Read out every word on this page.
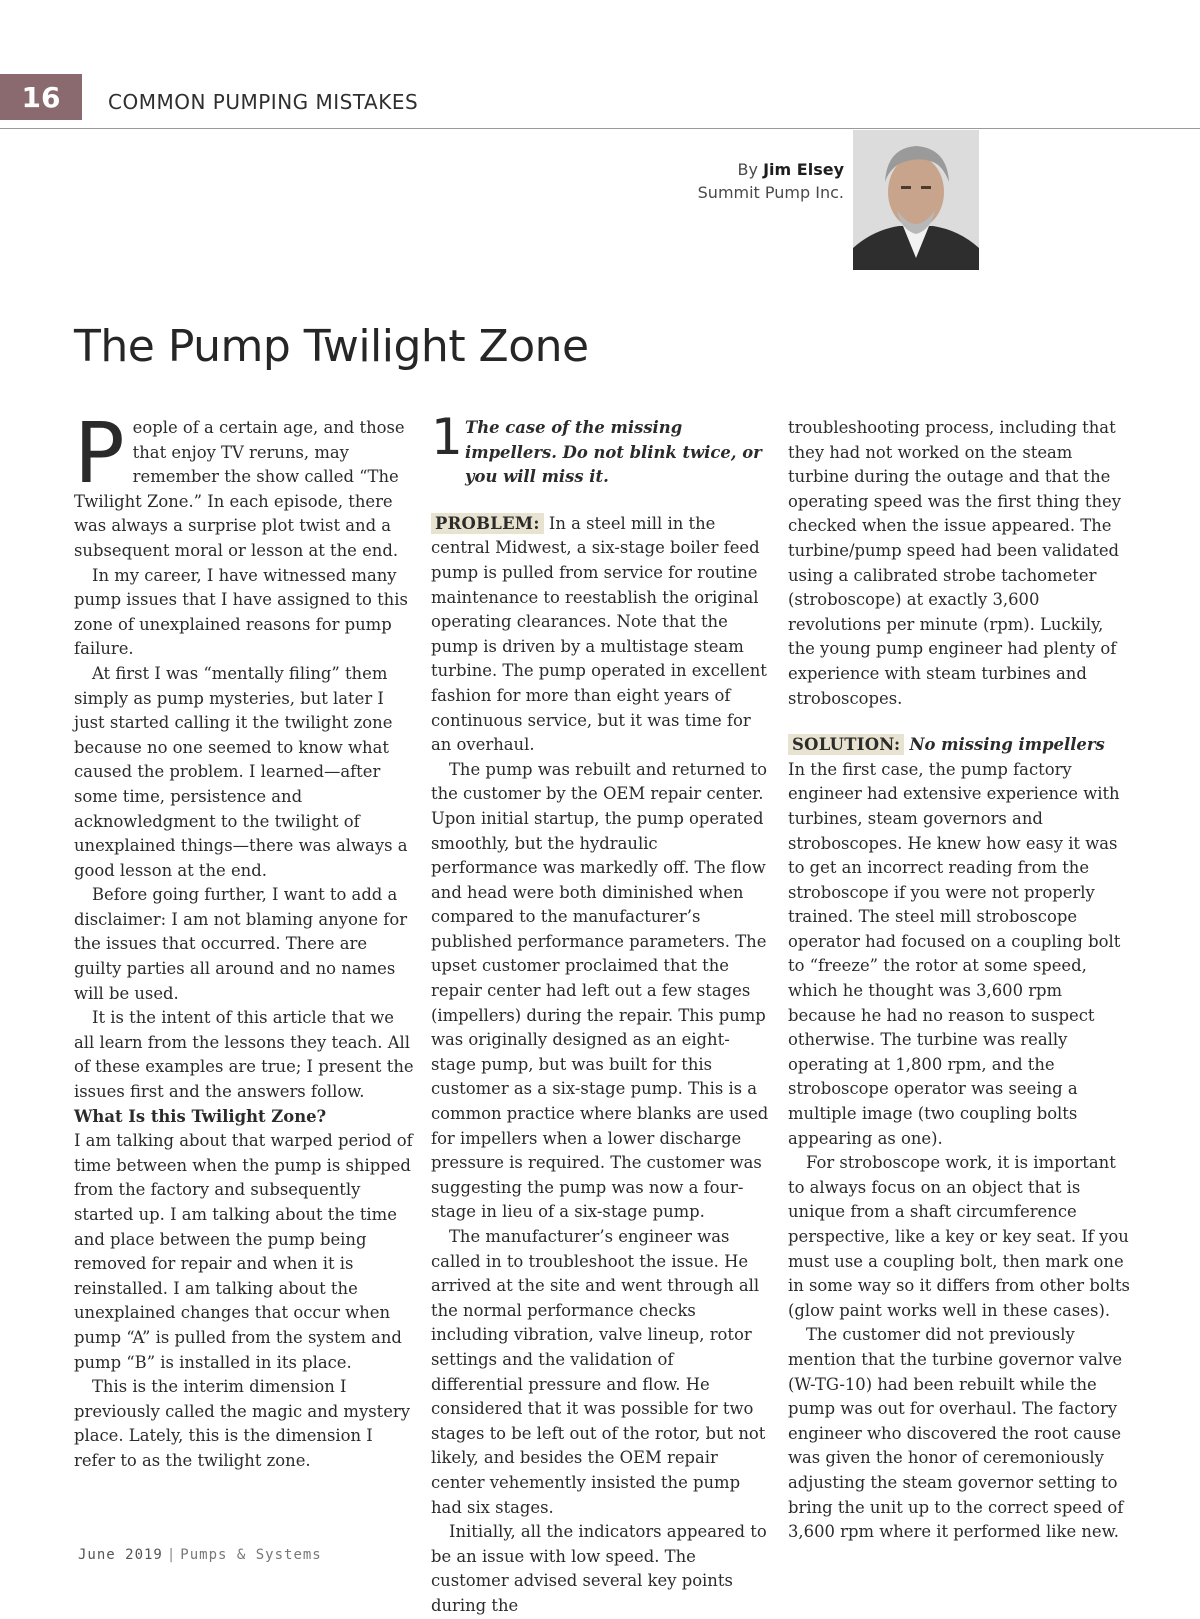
16	COMMON PUMPING MISTAKES
By Jim Elsey
Summit Pump Inc.
The Pump Twilight Zone

People of a certain age, and those that enjoy TV reruns, may remember the show called “The Twilight Zone.” In each episode, there was always a surprise plot twist and a subsequent moral or lesson at the end.

In my career, I have witnessed many pump issues that I have assigned to this zone of unexplained reasons for pump failure.

At first I was “mentally filing” them simply as pump mysteries, but later I just started calling it the twilight zone because no one seemed to know what caused the problem. I learned—after some time, persistence and acknowledgment to the twilight of unexplained things—there was always a good lesson at the end.

Before going further, I want to add a disclaimer: I am not blaming anyone for the issues that occurred. There are guilty parties all around and no names will be used.

It is the intent of this article that we all learn from the lessons they teach. All of these examples are true; I present the issues first and the answers follow.

What Is this Twilight Zone?

I am talking about that warped period of time between when the pump is shipped from the factory and subsequently started up. I am talking about the time and place between the pump being removed for repair and when it is reinstalled. I am talking about the unexplained changes that occur when pump “A” is pulled from the system and pump “B” is installed in its place.

This is the interim dimension I previously called the magic and mystery place. Lately, this is the dimension I refer to as the twilight zone.

1 The case of the missing impellers. Do not blink twice, or you will miss it.

PROBLEM: In a steel mill in the central Midwest, a six-stage boiler feed pump is pulled from service for routine maintenance to reestablish the original operating clearances. Note that the pump is driven by a multistage steam turbine. The pump operated in excellent fashion for more than eight years of continuous service, but it was time for an overhaul.

The pump was rebuilt and returned to the customer by the OEM repair center. Upon initial startup, the pump operated smoothly, but the hydraulic performance was markedly off. The flow and head were both diminished when compared to the manufacturer’s published performance parameters. The upset customer proclaimed that the repair center had left out a few stages (impellers) during the repair. This pump was originally designed as an eight-stage pump, but was built for this customer as a six-stage pump. This is a common practice where blanks are used for impellers when a lower discharge pressure is required. The customer was suggesting the pump was now a four-stage in lieu of a six-stage pump.

The manufacturer’s engineer was called in to troubleshoot the issue. He arrived at the site and went through all the normal performance checks including vibration, valve lineup, rotor settings and the validation of differential pressure and flow. He considered that it was possible for two stages to be left out of the rotor, but not likely, and besides the OEM repair center vehemently insisted the pump had six stages.

Initially, all the indicators appeared to be an issue with low speed. The customer advised several key points during the

troubleshooting process, including that they had not worked on the steam turbine during the outage and that the operating speed was the first thing they checked when the issue appeared. The turbine/pump speed had been validated using a calibrated strobe tachometer (stroboscope) at exactly 3,600 revolutions per minute (rpm). Luckily, the young pump engineer had plenty of experience with steam turbines and stroboscopes.

SOLUTION: No missing impellers

In the first case, the pump factory engineer had extensive experience with turbines, steam governors and stroboscopes. He knew how easy it was to get an incorrect reading from the stroboscope if you were not properly trained. The steel mill stroboscope operator had focused on a coupling bolt to “freeze” the rotor at some speed, which he thought was 3,600 rpm because he had no reason to suspect otherwise. The turbine was really operating at 1,800 rpm, and the stroboscope operator was seeing a multiple image (two coupling bolts appearing as one).

For stroboscope work, it is important to always focus on an object that is unique from a shaft circumference perspective, like a key or key seat. If you must use a coupling bolt, then mark one in some way so it differs from other bolts (glow paint works well in these cases).

The customer did not previously mention that the turbine governor valve (W-TG-10) had been rebuilt while the pump was out for overhaul. The factory engineer who discovered the root cause was given the honor of ceremoniously adjusting the steam governor setting to bring the unit up to the correct speed of 3,600 rpm where it performed like new.

June 2019 | Pumps & Systems
